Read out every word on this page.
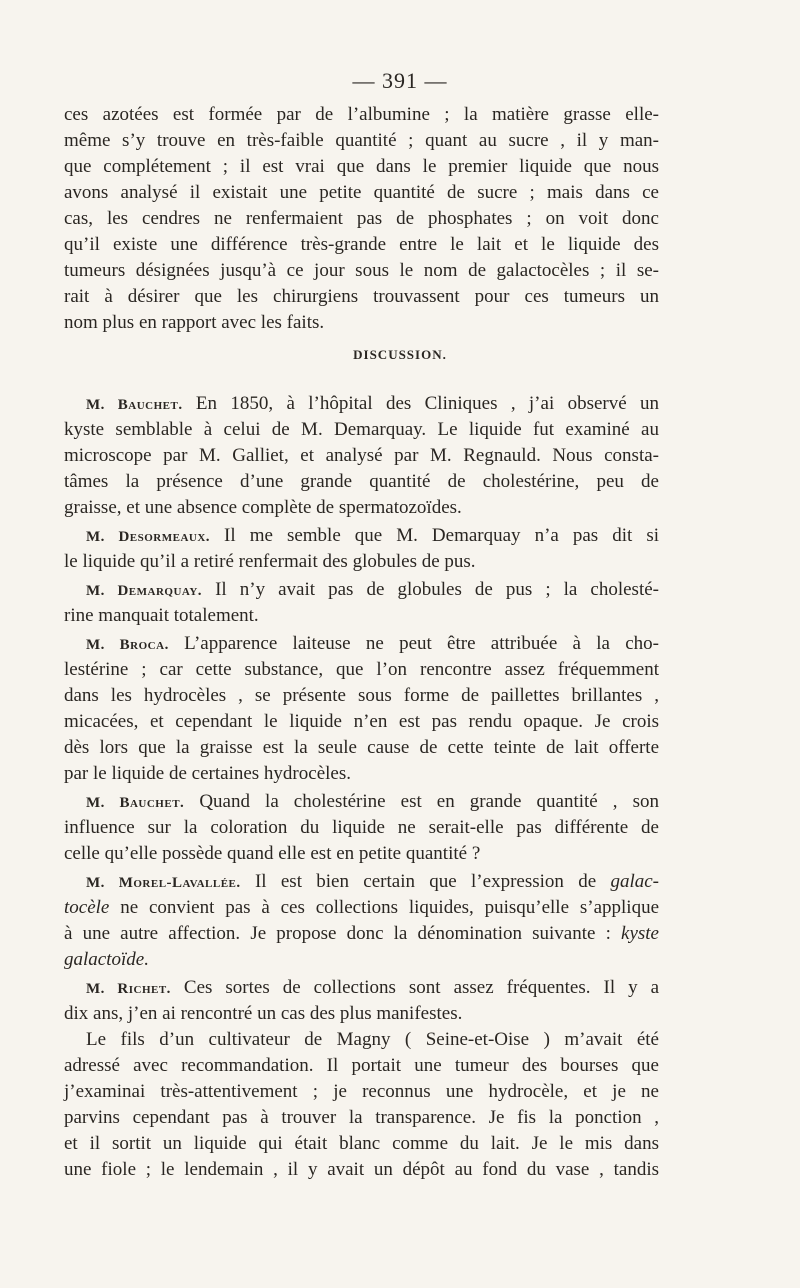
— 391 —
ces azotées est formée par de l’albumine ; la matière grasse elle-
même s’y trouve en très-faible quantité ; quant au sucre , il y man-
que complétement ; il est vrai que dans le premier liquide que nous
avons analysé il existait une petite quantité de sucre ; mais dans ce
cas, les cendres ne renfermaient pas de phosphates ; on voit donc
qu’il existe une différence très-grande entre le lait et le liquide des
tumeurs désignées jusqu’à ce jour sous le nom de galactocèles ; il se-
rait à désirer que les chirurgiens trouvassent pour ces tumeurs un
nom plus en rapport avec les faits.
DISCUSSION.
M. Bauchet. En 1850, à l’hôpital des Cliniques , j’ai observé un
kyste semblable à celui de M. Demarquay. Le liquide fut examiné au
microscope par M. Galliet, et analysé par M. Regnauld. Nous consta-
tâmes la présence d’une grande quantité de cholestérine, peu de
graisse, et une absence complète de spermatozoïdes.
M. Desormeaux. Il me semble que M. Demarquay n’a pas dit si
le liquide qu’il a retiré renfermait des globules de pus.
M. Demarquay. Il n’y avait pas de globules de pus ; la cholesté-
rine manquait totalement.
M. Broca. L’apparence laiteuse ne peut être attribuée à la cho-
lestérine ; car cette substance, que l’on rencontre assez fréquemment
dans les hydrocèles , se présente sous forme de paillettes brillantes ,
micacées, et cependant le liquide n’en est pas rendu opaque. Je crois
dès lors que la graisse est la seule cause de cette teinte de lait offerte
par le liquide de certaines hydrocèles.
M. Bauchet. Quand la cholestérine est en grande quantité , son
influence sur la coloration du liquide ne serait-elle pas différente de
celle qu’elle possède quand elle est en petite quantité ?
M. Morel-Lavallée. Il est bien certain que l’expression de galac-
tocèle ne convient pas à ces collections liquides, puisqu’elle s’applique
à une autre affection. Je propose donc la dénomination suivante : kyste
galactoïde.
M. Richet. Ces sortes de collections sont assez fréquentes. Il y a
dix ans, j’en ai rencontré un cas des plus manifestes.
Le fils d’un cultivateur de Magny ( Seine-et-Oise ) m’avait été
adressé avec recommandation. Il portait une tumeur des bourses que
j’examinai très-attentivement ; je reconnus une hydrocèle, et je ne
parvins cependant pas à trouver la transparence. Je fis la ponction ,
et il sortit un liquide qui était blanc comme du lait. Je le mis dans
une fiole ; le lendemain , il y avait un dépôt au fond du vase , tandis
